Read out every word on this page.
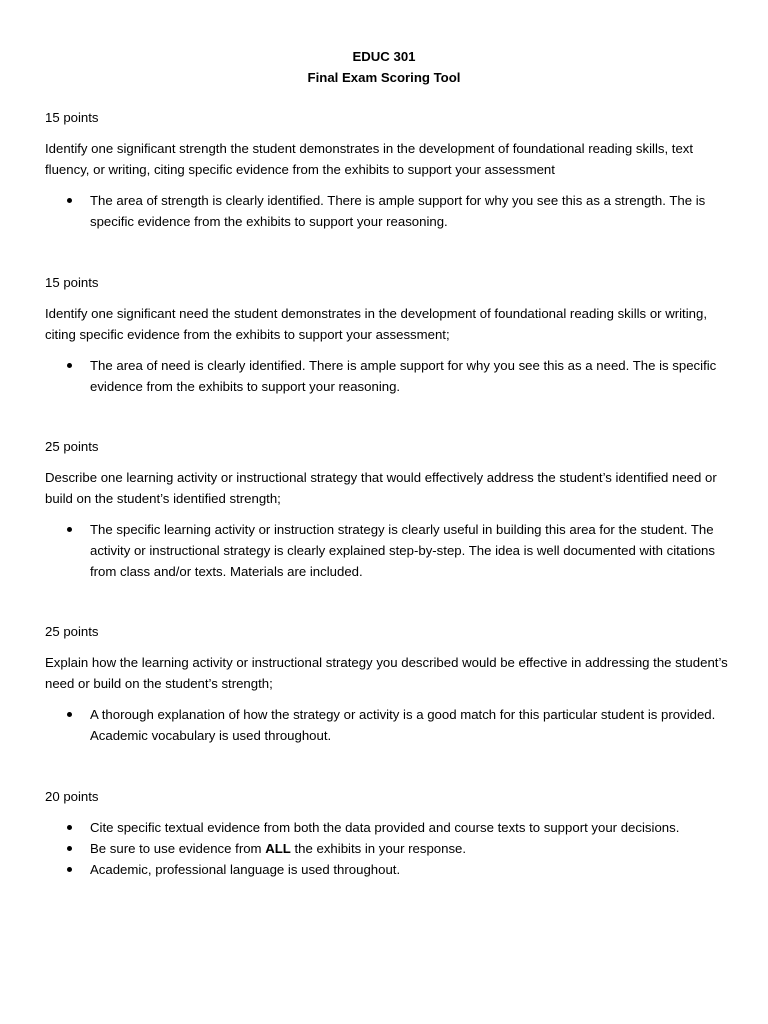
EDUC 301
Final Exam Scoring Tool

15 points

Identify one significant strength the student demonstrates in the development of foundational reading skills, text fluency, or writing, citing specific evidence from the exhibits to support your assessment

The area of strength is clearly identified. There is ample support for why you see this as a strength. The is specific evidence from the exhibits to support your reasoning.

15 points

Identify one significant need the student demonstrates in the development of foundational reading skills or writing, citing specific evidence from the exhibits to support your assessment;

The area of need is clearly identified. There is ample support for why you see this as a need. The is specific evidence from the exhibits to support your reasoning.

25 points

Describe one learning activity or instructional strategy that would effectively address the student’s identified need or build on the student’s identified strength;

The specific learning activity or instruction strategy is clearly useful in building this area for the student. The activity or instructional strategy is clearly explained step-by-step. The idea is well documented with citations from class and/or texts. Materials are included.

25 points

Explain how the learning activity or instructional strategy you described would be effective in addressing the student’s need or build on the student’s strength;

A thorough explanation of how the strategy or activity is a good match for this particular student is provided. Academic vocabulary is used throughout.

20 points

Cite specific textual evidence from both the data provided and course texts to support your decisions.
Be sure to use evidence from ALL the exhibits in your response.
Academic, professional language is used throughout.
